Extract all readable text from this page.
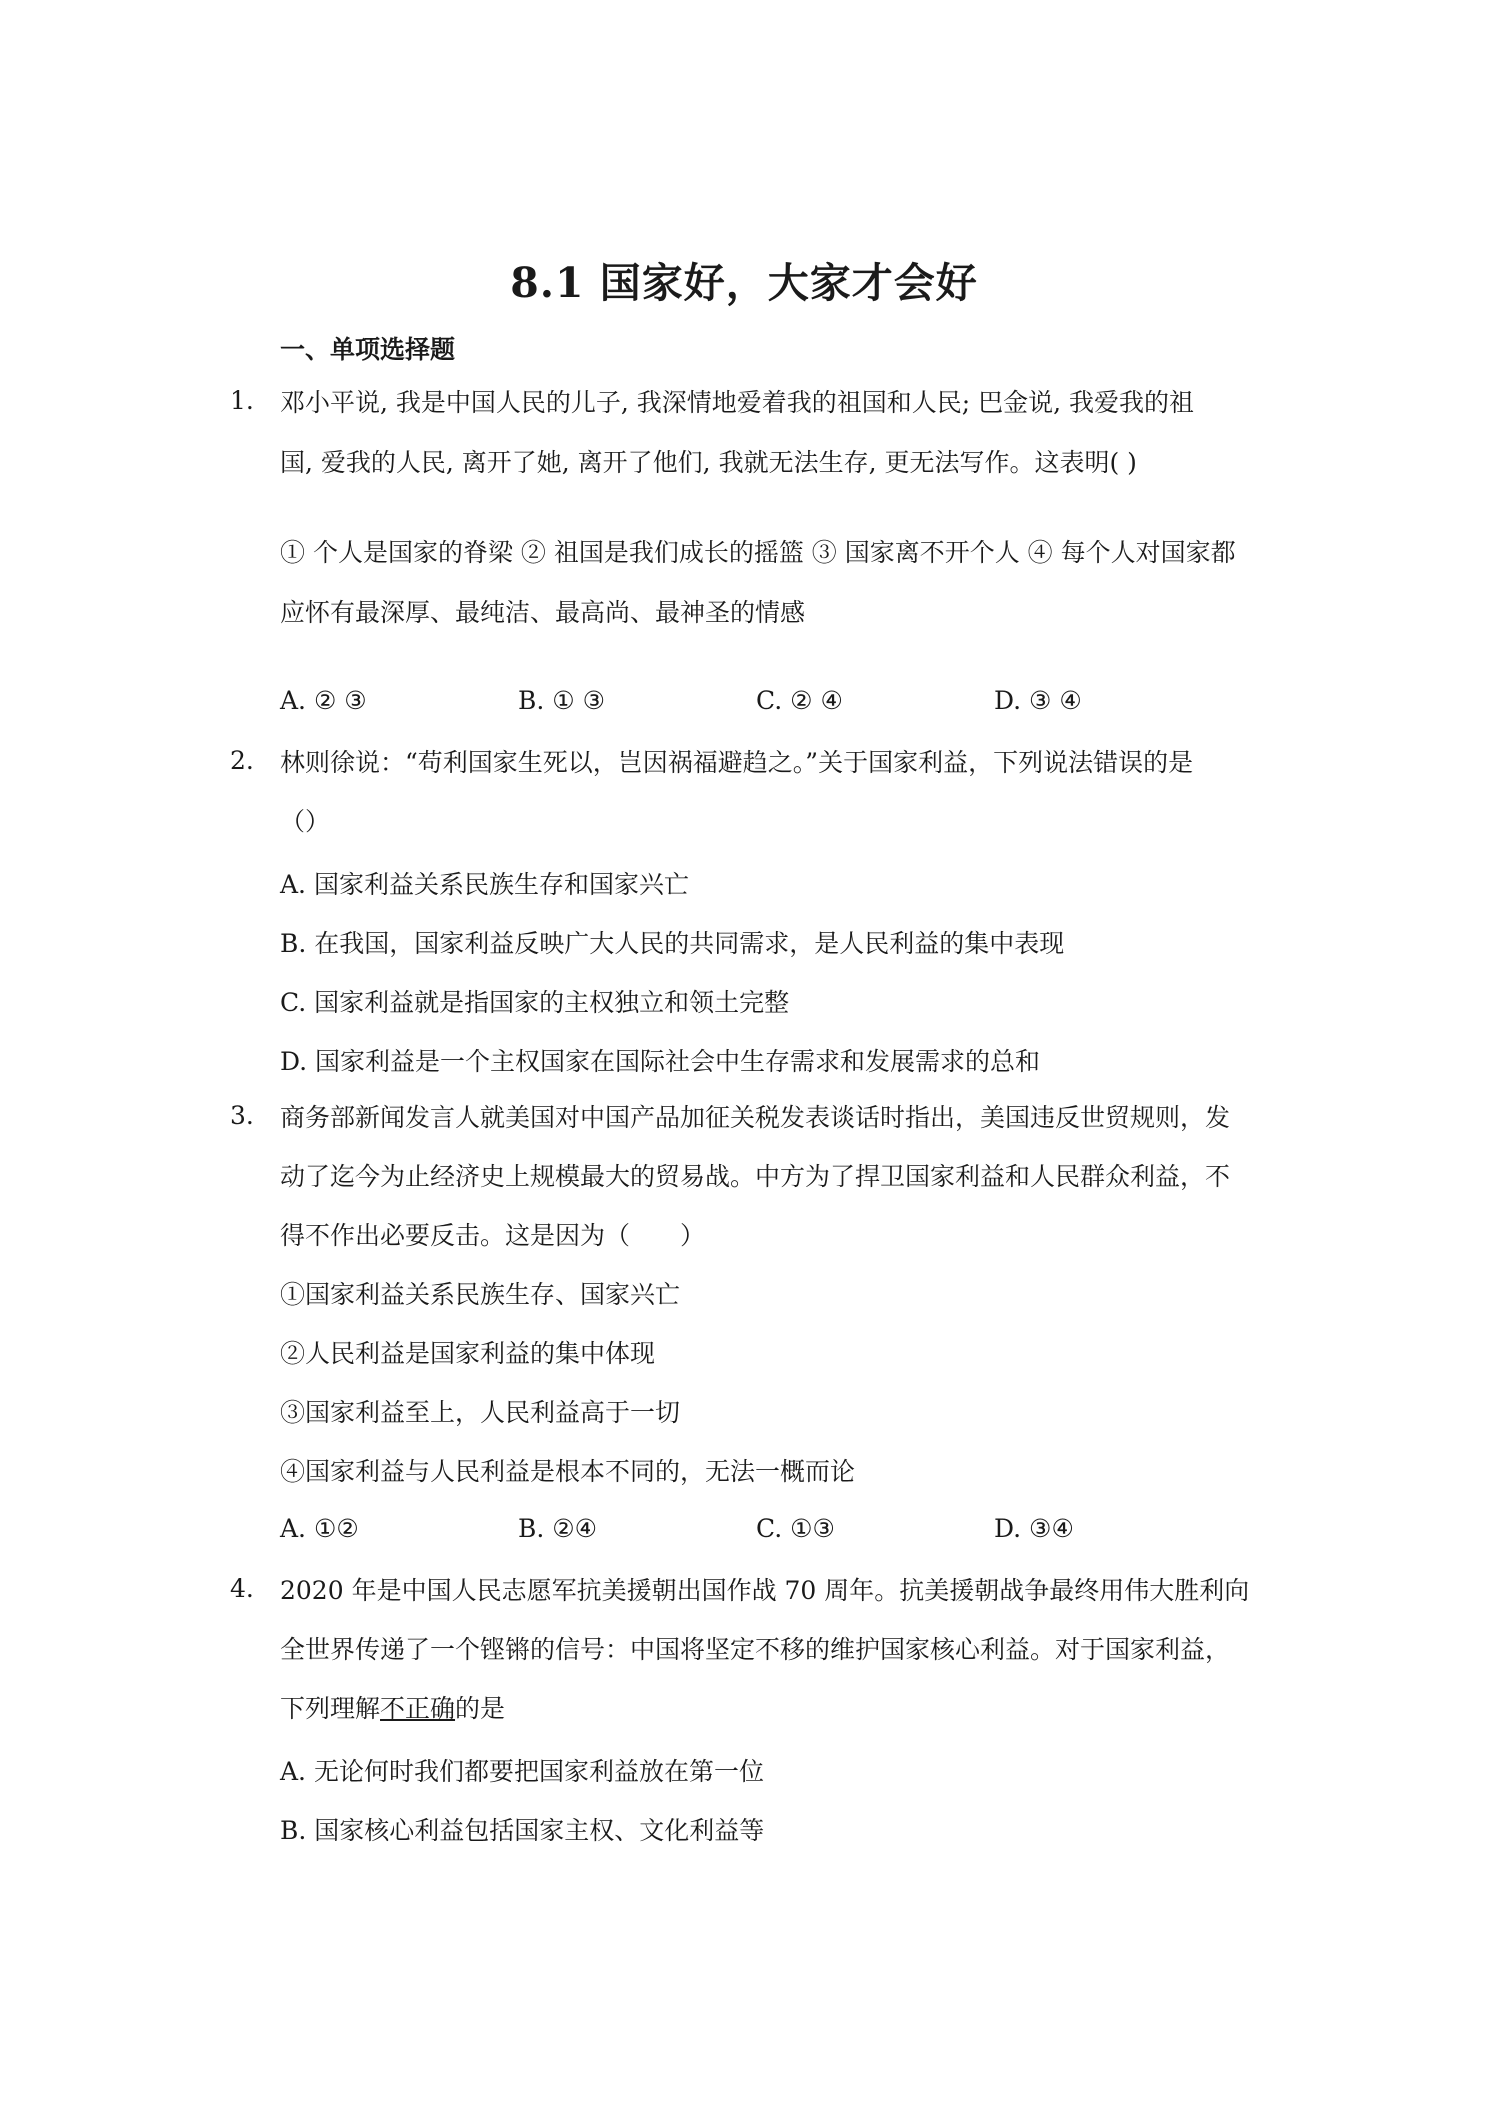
8.1 国家好，大家才会好
一、单项选择题
1. 邓小平说, 我是中国人民的儿子, 我深情地爱着我的祖国和人民; 巴金说, 我爱我的祖
国, 爱我的人民, 离开了她, 离开了他们, 我就无法生存, 更无法写作。这表明( )
① 个人是国家的脊梁 ② 祖国是我们成长的摇篮 ③ 国家离不开个人 ④ 每个人对国家都
应怀有最深厚、最纯洁、最高尚、最神圣的情感
A. ② ③	B. ① ③	C. ② ④	D. ③ ④
2. 林则徐说：“苟利国家生死以，岂因祸福避趋之。”关于国家利益，下列说法错误的是
（）
A. 国家利益关系民族生存和国家兴亡
B. 在我国，国家利益反映广大人民的共同需求，是人民利益的集中表现
C. 国家利益就是指国家的主权独立和领土完整
D. 国家利益是一个主权国家在国际社会中生存需求和发展需求的总和
3. 商务部新闻发言人就美国对中国产品加征关税发表谈话时指出，美国违反世贸规则，发
动了迄今为止经济史上规模最大的贸易战。中方为了捍卫国家利益和人民群众利益，不
得不作出必要反击。这是因为（　　）
①国家利益关系民族生存、国家兴亡
②人民利益是国家利益的集中体现
③国家利益至上，人民利益高于一切
④国家利益与人民利益是根本不同的，无法一概而论
A. ①②	B. ②④	C. ①③	D. ③④
4. 2020 年是中国人民志愿军抗美援朝出国作战 70 周年。抗美援朝战争最终用伟大胜利向
全世界传递了一个铿锵的信号：中国将坚定不移的维护国家核心利益。对于国家利益，
下列理解不正确的是
A. 无论何时我们都要把国家利益放在第一位
B. 国家核心利益包括国家主权、文化利益等
